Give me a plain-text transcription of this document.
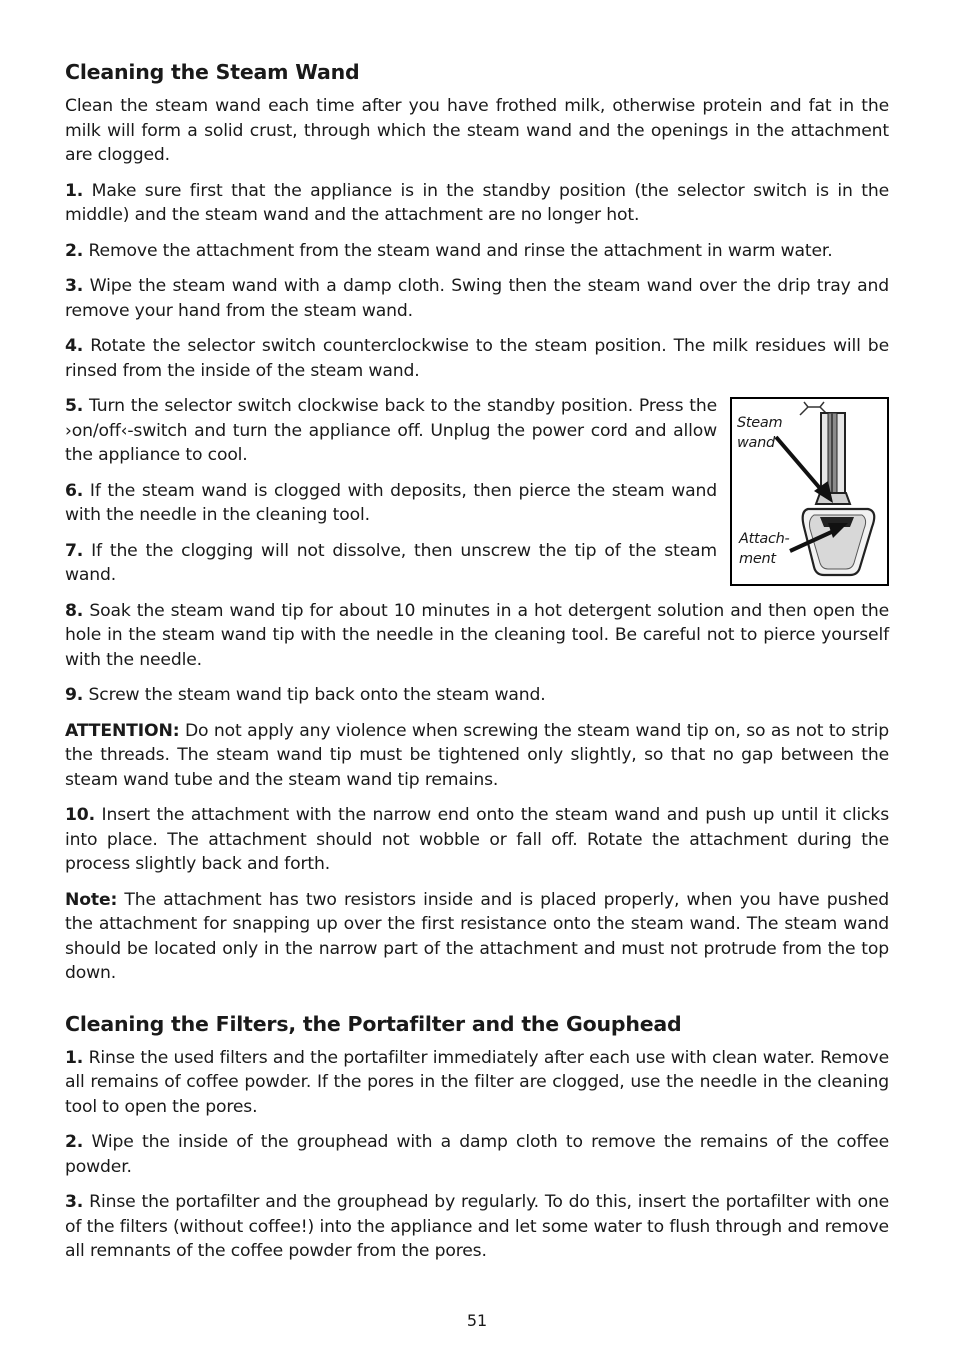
Cleaning the Steam Wand

Clean the steam wand each time after you have frothed milk, otherwise protein and fat in the milk will form a solid crust, through which the steam wand and the openings in the attachment are clogged.

1. Make sure first that the appliance is in the standby position (the selector switch is in the middle) and the steam wand and the attachment are no longer hot.

2. Remove the attachment from the steam wand and rinse the attachment in warm water.

3. Wipe the steam wand with a damp cloth. Swing then the steam wand over the drip tray and remove your hand from the steam wand.

4. Rotate the selector switch counterclockwise to the steam position. The milk residues will be rinsed from the inside of the steam wand.

5. Turn the selector switch clockwise back to the standby position. Press the ›on/off‹-switch and turn the appliance off. Unplug the power cord and allow the appliance to cool.

6. If the steam wand is clogged with deposits, then pierce the steam wand with the needle in the cleaning tool.

7. If the the clogging will not dissolve, then unscrew the tip of the steam wand.

Steam
wand
Attach-
ment

8. Soak the steam wand tip for about 10 minutes in a hot detergent solution and then open the hole in the steam wand tip with the needle in the cleaning tool. Be careful not to pierce yourself with the needle.

9. Screw the steam wand tip back onto the steam wand.

ATTENTION: Do not apply any violence when screwing the steam wand tip on, so as not to strip the threads. The steam wand tip must be tightened only slightly, so that no gap between the steam wand tube and the steam wand tip remains.

10. Insert the attachment with the narrow end onto the steam wand and push up until it clicks into place. The attachment should not wobble or fall off. Rotate the attachment during the process slightly back and forth.

Note: The attachment has two resistors inside and is placed properly, when you have pushed the attachment for snapping up over the first resistance onto the steam wand. The steam wand should be located only in the narrow part of the attachment and must not protrude from the top down.

Cleaning the Filters, the Portafilter and the Gouphead

1. Rinse the used filters and the portafilter immediately after each use with clean water. Remove all remains of coffee powder. If the pores in the filter are clogged, use the needle in the cleaning tool to open the pores.

2. Wipe the inside of the grouphead with a damp cloth to remove the remains of the coffee powder.

3. Rinse the portafilter and the grouphead by regularly. To do this, insert the portafilter with one of the filters (without coffee!) into the appliance and let some water to flush through and remove all remnants of the coffee powder from the pores.

51
